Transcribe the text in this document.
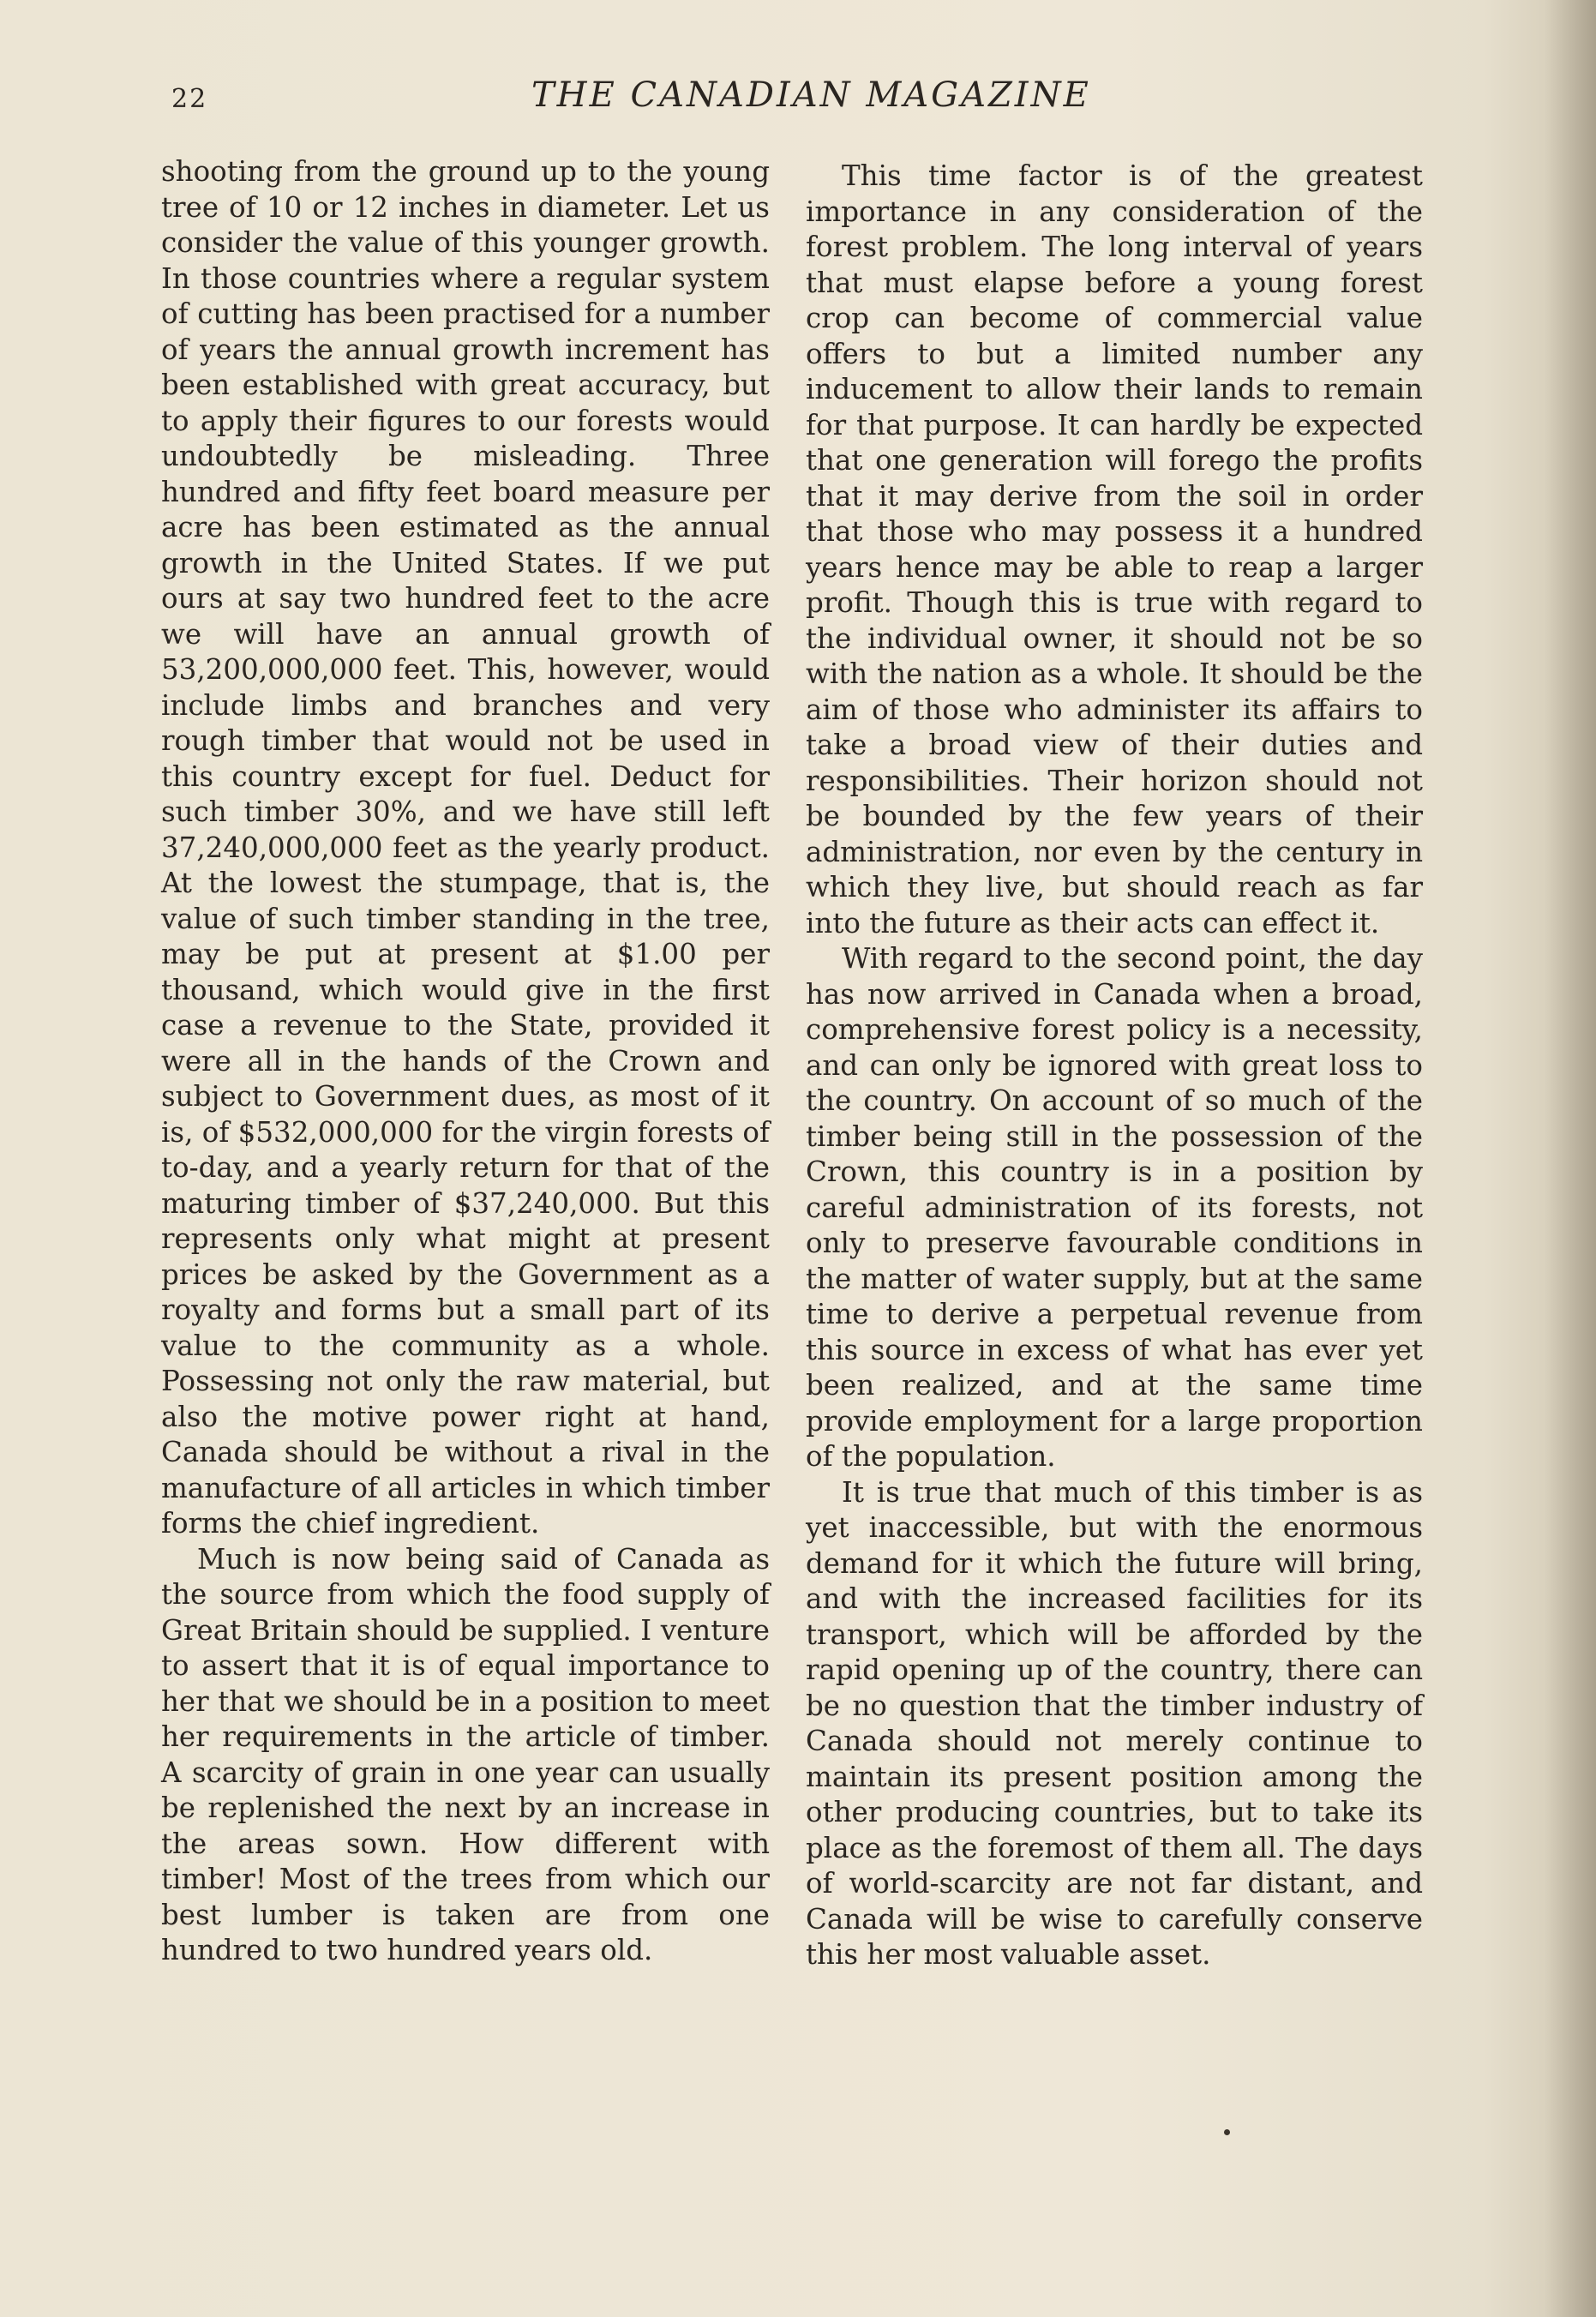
22	THE CANADIAN MAGAZINE

shooting from the ground up to the young tree of 10 or 12 inches in diameter. Let us consider the value of this younger growth. In those countries where a regular system of cutting has been practised for a number of years the annual growth increment has been established with great accuracy, but to apply their figures to our forests would undoubtedly be misleading. Three hundred and fifty feet board measure per acre has been estimated as the annual growth in the United States. If we put ours at say two hundred feet to the acre we will have an annual growth of 53,200,000,000 feet. This, however, would include limbs and branches and very rough timber that would not be used in this country except for fuel. Deduct for such timber 30%, and we have still left 37,240,000,000 feet as the yearly product. At the lowest the stumpage, that is, the value of such timber standing in the tree, may be put at present at $1.00 per thousand, which would give in the first case a revenue to the State, provided it were all in the hands of the Crown and subject to Government dues, as most of it is, of $532,000,000 for the virgin forests of to-day, and a yearly return for that of the maturing timber of $37,240,000. But this represents only what might at present prices be asked by the Government as a royalty and forms but a small part of its value to the community as a whole. Possessing not only the raw material, but also the motive power right at hand, Canada should be without a rival in the manufacture of all articles in which timber forms the chief ingredient.

Much is now being said of Canada as the source from which the food supply of Great Britain should be supplied. I venture to assert that it is of equal importance to her that we should be in a position to meet her requirements in the article of timber. A scarcity of grain in one year can usually be replenished the next by an increase in the areas sown. How different with timber! Most of the trees from which our best lumber is taken are from one hundred to two hundred years old.

This time factor is of the greatest importance in any consideration of the forest problem. The long interval of years that must elapse before a young forest crop can become of commercial value offers to but a limited number any inducement to allow their lands to remain for that purpose. It can hardly be expected that one generation will forego the profits that it may derive from the soil in order that those who may possess it a hundred years hence may be able to reap a larger profit. Though this is true with regard to the individual owner, it should not be so with the nation as a whole. It should be the aim of those who administer its affairs to take a broad view of their duties and responsibilities. Their horizon should not be bounded by the few years of their administration, nor even by the century in which they live, but should reach as far into the future as their acts can effect it.

With regard to the second point, the day has now arrived in Canada when a broad, comprehensive forest policy is a necessity, and can only be ignored with great loss to the country. On account of so much of the timber being still in the possession of the Crown, this country is in a position by careful administration of its forests, not only to preserve favourable conditions in the matter of water supply, but at the same time to derive a perpetual revenue from this source in excess of what has ever yet been realized, and at the same time provide employment for a large proportion of the population.

It is true that much of this timber is as yet inaccessible, but with the enormous demand for it which the future will bring, and with the increased facilities for its transport, which will be afforded by the rapid opening up of the country, there can be no question that the timber industry of Canada should not merely continue to maintain its present position among the other producing countries, but to take its place as the foremost of them all. The days of world-scarcity are not far distant, and Canada will be wise to carefully conserve this her most valuable asset.
